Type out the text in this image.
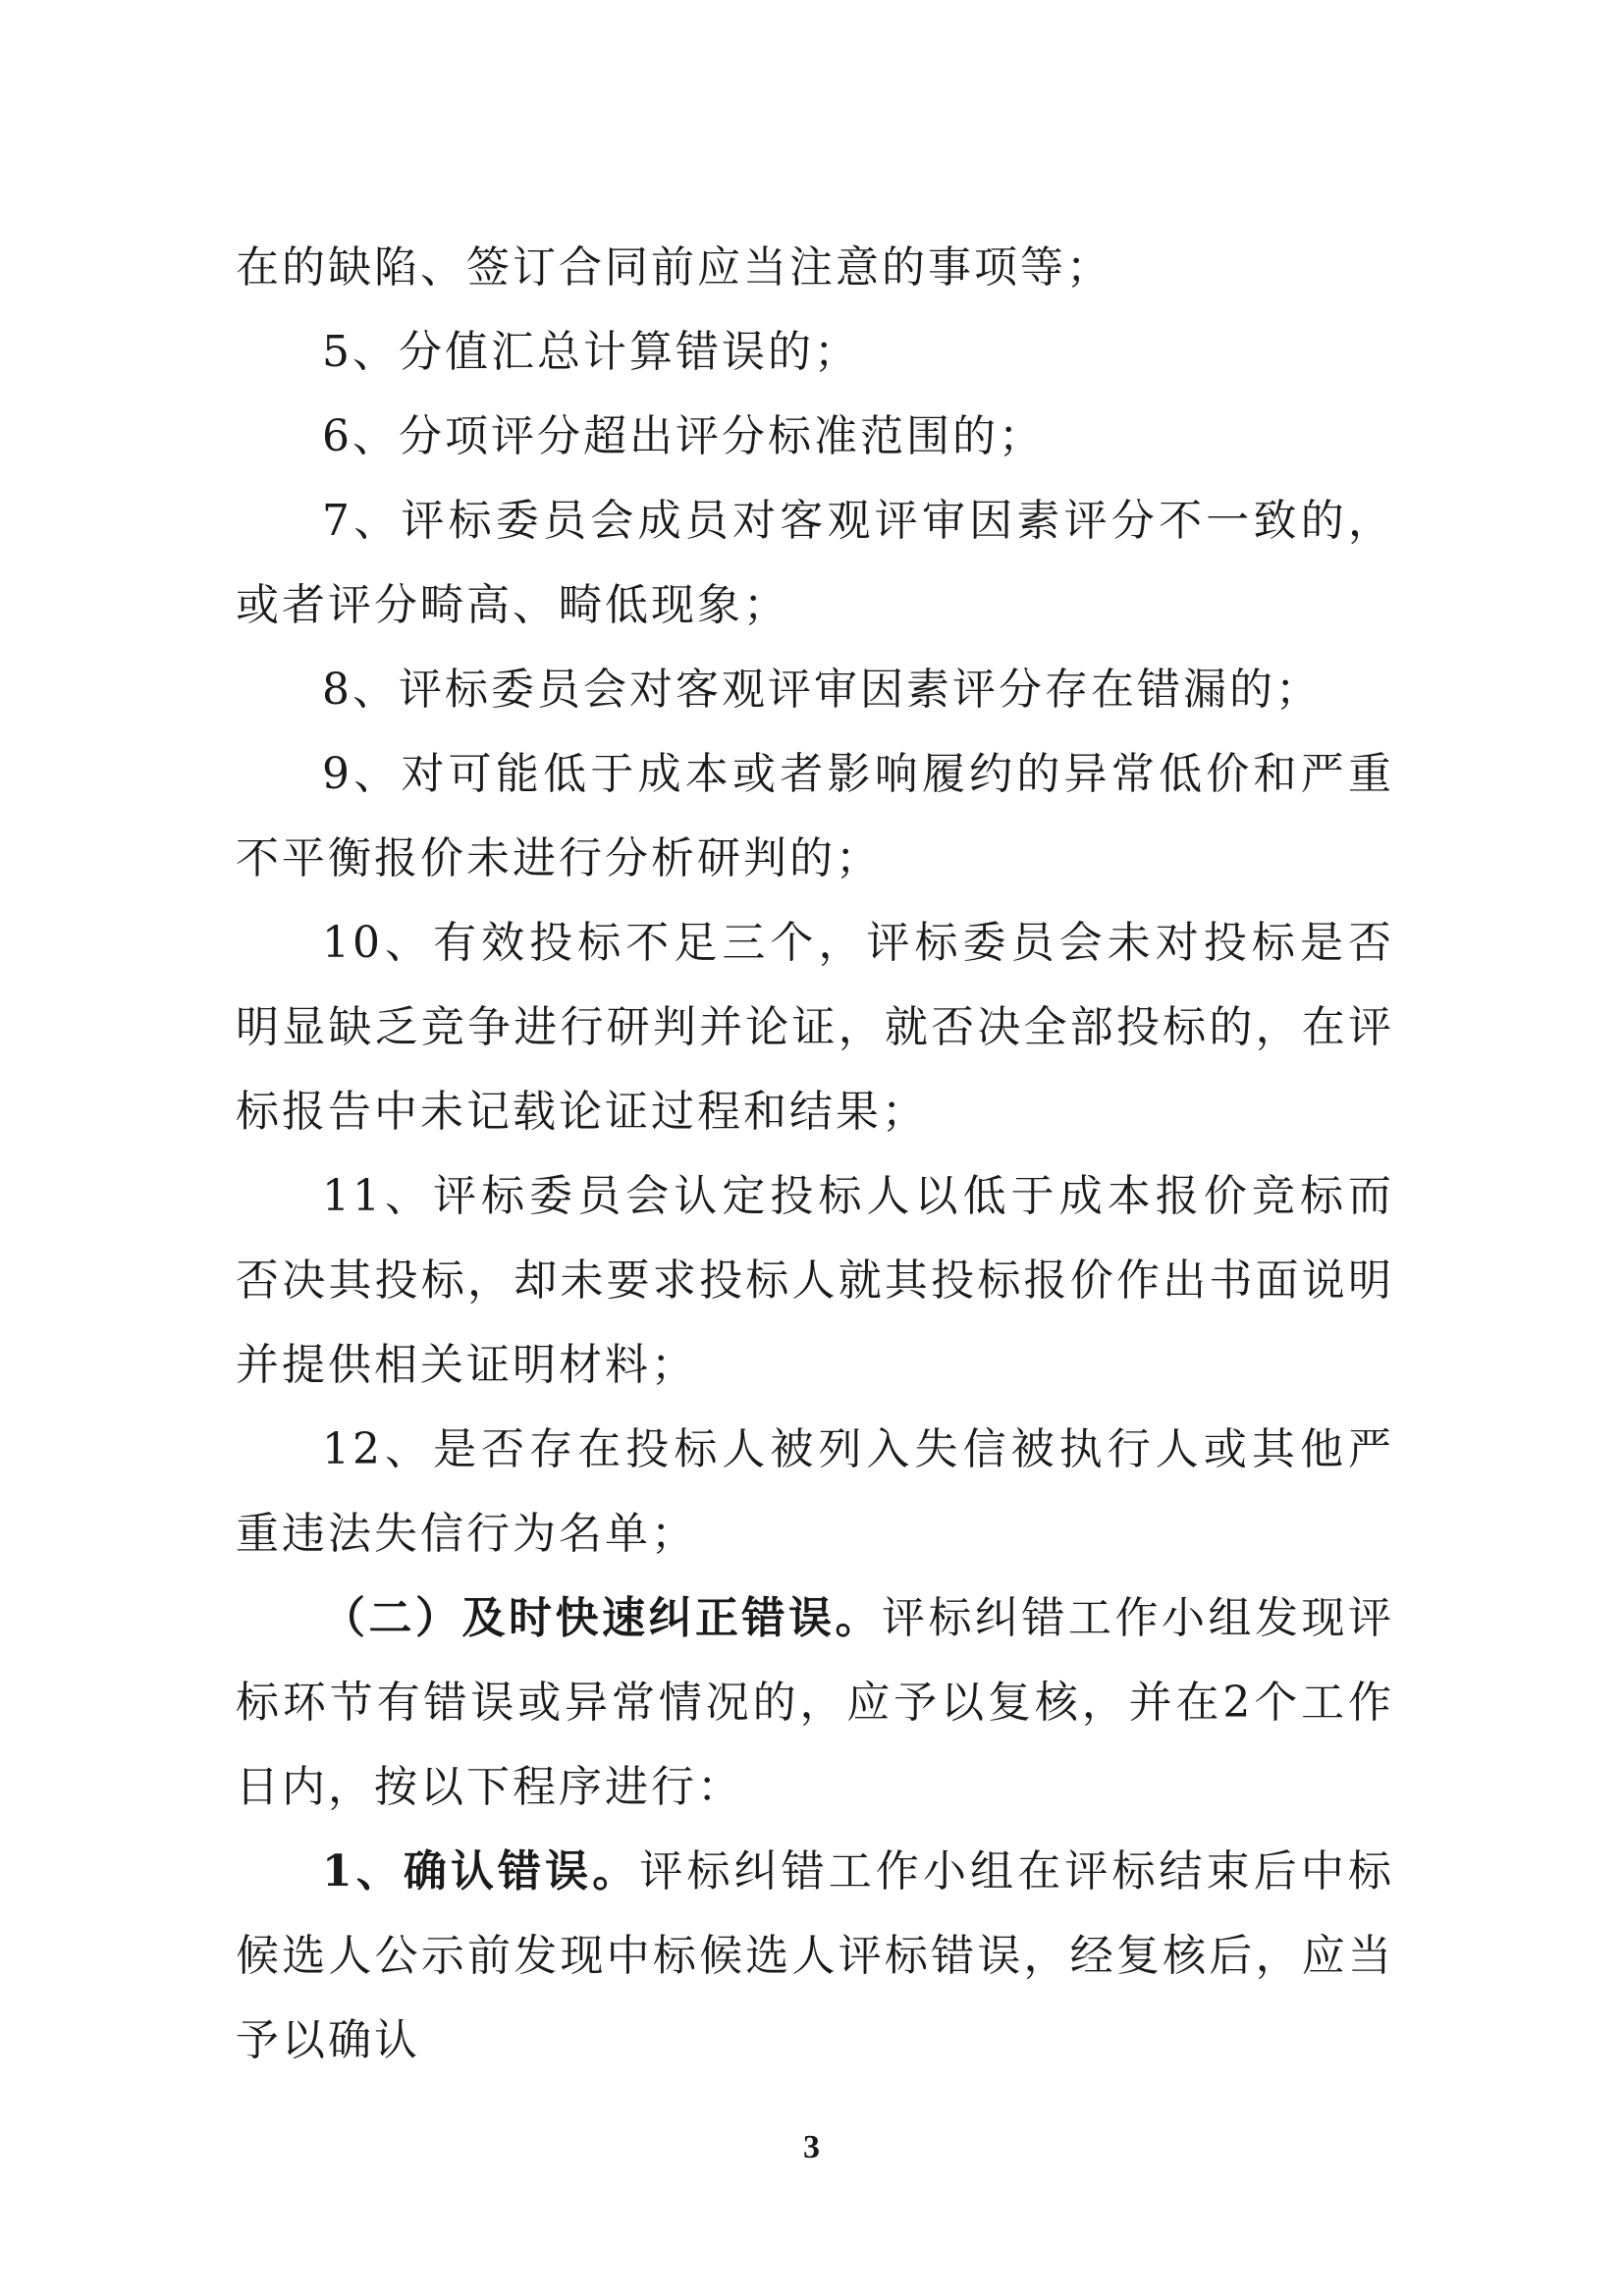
在的缺陷、签订合同前应当注意的事项等；

5、分值汇总计算错误的；

6、分项评分超出评分标准范围的；

7、评标委员会成员对客观评审因素评分不一致的，或者评分畸高、畸低现象；

8、评标委员会对客观评审因素评分存在错漏的；

9、对可能低于成本或者影响履约的异常低价和严重不平衡报价未进行分析研判的；

10、有效投标不足三个，评标委员会未对投标是否明显缺乏竞争进行研判并论证，就否决全部投标的，在评标报告中未记载论证过程和结果；

11、评标委员会认定投标人以低于成本报价竞标而否决其投标，却未要求投标人就其投标报价作出书面说明并提供相关证明材料；

12、是否存在投标人被列入失信被执行人或其他严重违法失信行为名单；

（二）及时快速纠正错误。评标纠错工作小组发现评标环节有错误或异常情况的，应予以复核，并在2个工作日内，按以下程序进行：

1、确认错误。评标纠错工作小组在评标结束后中标候选人公示前发现中标候选人评标错误，经复核后，应当予以确认

3
